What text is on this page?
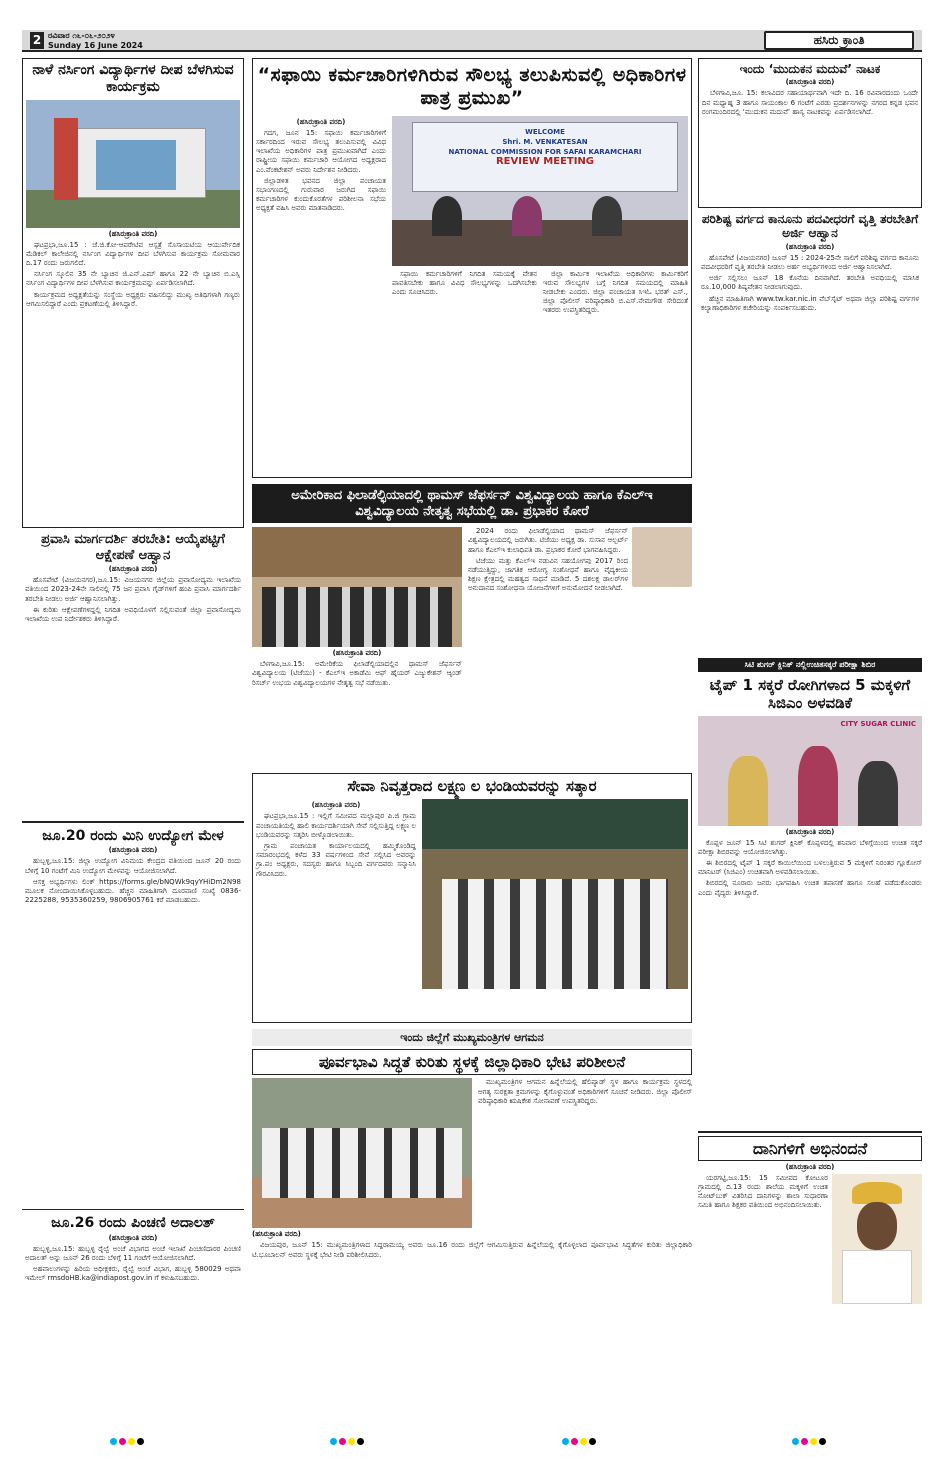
2 ರವಿವಾರ ೧೬-೦೬-೨೦೨೪
Sunday 16 June 2024	ಹಸಿರು ಕ್ರಾಂತಿ
ನಾಳೆ ನರ್ಸಿಂಗ ವಿದ್ಯಾರ್ಥಿಗಳ ದೀಪ ಬೆಳಗಿಸುವ ಕಾರ್ಯಕ್ರಮ
(ಹಸಿರುಕ್ರಾಂತಿ ವರದಿ)

ಘಟಪ್ರಭಾ,ಜೂ.15 : ಜೆ.ಜಿ.ಕೋ-ಆಪರೇಟಿವ ಆಸ್ಪತ್ರೆ ಸೊಸಾಯಟಿಯ ಆಯುರ್ವೇದಿಕ ಮೆಡಿಕಲ್ ಕಾಲೇಜಿನಲ್ಲಿ ನರ್ಸಿಂಗ ವಿದ್ಯಾರ್ಥಿಗಳ ದೀಪ ಬೆಳಗಿಸುವ ಕಾರ್ಯಕ್ರಮ ಸೋಮವಾರ ದಿ.17 ರಂದು ಜರುಗಲಿದೆ.

ನರ್ಸಿಂಗ ಸ್ಕೂಲಿನ 35 ನೇ ಬ್ಯಾಚಿನ ಜಿ.ಎನ್.ಎಮ್ ಹಾಗೂ 22 ನೇ ಬ್ಯಾಚಿನ ಬಿ.ಎಸ್ಸಿ ನರ್ಸಿಂಗ ವಿದ್ಯಾರ್ಥಿಗಳ ದೀಪ ಬೆಳಗಿಸುವ ಕಾರ್ಯಕ್ರಮವನ್ನು ಏರ್ಪಡಿಸಲಾಗಿದೆ.

ಕಾರ್ಯಕ್ರಮದ ಅಧ್ಯಕ್ಷತೆಯನ್ನು ಸಂಸ್ಥೆಯ ಅಧ್ಯಕ್ಷರು ವಹಿಸಲಿದ್ದು ಮುಖ್ಯ ಅತಿಥಿಗಳಾಗಿ ಗಣ್ಯರು ಆಗಮಿಸಲಿದ್ದಾರೆ ಎಂದು ಪ್ರಕಟಣೆಯಲ್ಲಿ ತಿಳಿಸಿದ್ದಾರೆ.

ಪ್ರವಾಸಿ ಮಾರ್ಗದರ್ಶಿ ತರಬೇತಿ: ಆಯ್ಕೆಪಟ್ಟಿಗೆ ಆಕ್ಷೇಪಣೆ ಆಹ್ವಾನ
(ಹಸಿರುಕ್ರಾಂತಿ ವರದಿ)

ಹೊಸಪೇಟೆ (ವಿಜಯನಗರ),ಜೂ.15: ವಿಜಯನಗರ ಜಿಲ್ಲೆಯ ಪ್ರವಾಸೋದ್ಯಮ ಇಲಾಖೆಯ ವತಿಯಿಂದ 2023-24ನೇ ಸಾಲಿನಲ್ಲಿ 75 ಜನ ಪ್ರವಾಸಿ ಗೈಡ್‌ಗಳಿಗೆ ಹಂಪಿ ಪ್ರವಾಸಿ ಮಾರ್ಗದರ್ಶಿ ತರಬೇತಿ ನೀಡಲು ಅರ್ಜಿ ಆಹ್ವಾನಿಸಲಾಗಿತ್ತು.

ಈ ಕುರಿತು ಆಕ್ಷೇಪಣೆಗಳಿದ್ದಲ್ಲಿ ನಿಗದಿತ ಅವಧಿಯೊಳಗೆ ಸಲ್ಲಿಸುವಂತೆ ಜಿಲ್ಲಾ ಪ್ರವಾಸೋದ್ಯಮ ಇಲಾಖೆಯ ಉಪ ನಿರ್ದೇಶಕರು ತಿಳಿಸಿದ್ದಾರೆ.

ಜೂ.20 ರಂದು ಮಿನಿ ಉದ್ಯೋಗ ಮೇಳ
(ಹಸಿರುಕ್ರಾಂತಿ ವರದಿ)

ಹುಬ್ಬಳ್ಳಿ,ಜೂ.15: ಜಿಲ್ಲಾ ಉದ್ಯೋಗ ವಿನಿಮಯ ಕೇಂದ್ರದ ವತಿಯಿಂದ ಜೂನ್ 20 ರಂದು ಬೆಳಿಗ್ಗೆ 10 ಗಂಟೆಗೆ ಮಿನಿ ಉದ್ಯೋಗ ಮೇಳವನ್ನು ಆಯೋಜಿಸಲಾಗಿದೆ.

ಆಸಕ್ತ ಅಭ್ಯರ್ಥಿಗಳು ಲಿಂಕ್ https://forms.gle/bNQWk9qyYHiDm2N98 ಮೂಲಕ ನೋಂದಾಯಿಸಿಕೊಳ್ಳಬಹುದು. ಹೆಚ್ಚಿನ ಮಾಹಿತಿಗಾಗಿ ದೂರವಾಣಿ ಸಂಖ್ಯೆ 0836-2225288, 9535360259, 9806905761 ಕರೆ ಮಾಡಬಹುದು.

ಜೂ.26 ರಂದು ಪಿಂಚಣಿ ಅದಾಲತ್
(ಹಸಿರುಕ್ರಾಂತಿ ವರದಿ)

ಹುಬ್ಬಳ್ಳಿ,ಜೂ.15: ಹುಬ್ಬಳ್ಳಿ ರೈಲ್ವೆ ಅಂಚೆ ವಿಭಾಗದ ಅಂಚೆ ಇಲಾಖೆ ಪಿಂಚಣಿದಾರರ ಪಿಂಚಣಿ ಅದಾಲತ್ ಅನ್ನು ಜೂನ್ 26 ರಂದು ಬೆಳಿಗ್ಗೆ 11 ಗಂಟೆಗೆ ಆಯೋಜಿಸಲಾಗಿದೆ.

ಅಹವಾಲುಗಳನ್ನು ಹಿರಿಯ ಅಧೀಕ್ಷಕರು, ರೈಲ್ವೆ ಅಂಚೆ ವಿಭಾಗ, ಹುಬ್ಬಳ್ಳಿ 580029 ಅಥವಾ ಇಮೇಲ್ rmsdoHB.ka@indiapost.gov.in ಗೆ ಕಳುಹಿಸಬಹುದು.

“ಸಫಾಯಿ ಕರ್ಮಚಾರಿಗಳಿಗಿರುವ ಸೌಲಭ್ಯ ತಲುಪಿಸುವಲ್ಲಿ ಅಧಿಕಾರಿಗಳ ಪಾತ್ರ ಪ್ರಮುಖ”
(ಹಸಿರುಕ್ರಾಂತಿ ವರದಿ)

ಗದಗ, ಜೂನ 15: ಸಫಾಯಿ ಕರ್ಮಚಾರಿಗಳಿಗೆ ಸರ್ಕಾರದಿಂದ ಇರುವ ಸೌಲಭ್ಯ ತಲುಪಿಸುವಲ್ಲಿ ವಿವಿಧ ಇಲಾಖೆಯ ಅಧಿಕಾರಿಗಳ ಪಾತ್ರ ಪ್ರಮುಖವಾಗಿದೆ ಎಂದು ರಾಷ್ಟ್ರೀಯ ಸಫಾಯಿ ಕರ್ಮಚಾರಿ ಆಯೋಗದ ಅಧ್ಯಕ್ಷರಾದ ಎಂ.ವೆಂಕಟೇಶನ್ ಅವರು ನಿರ್ದೇಶನ ನೀಡಿದರು.

ಜಿಲ್ಲಾಡಳಿತ ಭವನದ ಜಿಲ್ಲಾ ಪಂಚಾಯತ ಸಭಾಂಗಣದಲ್ಲಿ ಗುರುವಾರ ಜರುಗಿದ ಸಫಾಯಿ ಕರ್ಮಚಾರಿಗಳ ಕುಂದುಕೊರತೆಗಳ ಪರಿಶೀಲನಾ ಸಭೆಯ ಅಧ್ಯಕ್ಷತೆ ವಹಿಸಿ ಅವರು ಮಾತನಾಡಿದರು.

WELCOME
Shri. M. VENKATESAN
NATIONAL COMMISSION FOR SAFAI KARAMCHARI
REVIEW MEETING

ಸಫಾಯಿ ಕರ್ಮಚಾರಿಗಳಿಗೆ ನಿಗದಿತ ಸಮಯಕ್ಕೆ ವೇತನ ಪಾವತಿಸಬೇಕು ಹಾಗೂ ವಿವಿಧ ಸೌಲಭ್ಯಗಳನ್ನು ಒದಗಿಸಬೇಕು ಎಂದು ಸೂಚಿಸಿದರು.

ಜಿಲ್ಲಾ ಕಾರ್ಮಿಕ ಇಲಾಖೆಯ ಅಧಿಕಾರಿಗಳು ಕಾರ್ಮಿಕರಿಗೆ ಇರುವ ಸೌಲಭ್ಯಗಳ ಬಗ್ಗೆ ನಿಗದಿತ ಸಮಯದಲ್ಲಿ ಮಾಹಿತಿ ನೀಡಬೇಕು ಎಂದರು. ಜಿಲ್ಲಾ ಪಂಚಾಯತ ಸಿಇಓ ಭರತ್ ಎಸ್., ಜಿಲ್ಲಾ ಪೊಲೀಸ್ ವರಿಷ್ಠಾಧಿಕಾರಿ ಬಿ.ಎಸ್.ನೇಮಗೌಡ ಸೇರಿದಂತೆ ಇತರರು ಉಪಸ್ಥಿತರಿದ್ದರು.

ಅಮೇರಿಕಾದ ಫಿಲಾಡೆಲ್ಫಿಯಾದಲ್ಲಿ ಥಾಮಸ್ ಜೆಫರ್ಸನ್ ವಿಶ್ವವಿದ್ಯಾಲಯ ಹಾಗೂ ಕೆಎಲ್‌ಇ ವಿಶ್ವವಿದ್ಯಾಲಯ ನೇತೃತ್ವ ಸಭೆಯಲ್ಲಿ ಡಾ. ಪ್ರಭಾಕರ ಕೋರೆ
(ಹಸಿರುಕ್ರಾಂತಿ ವರದಿ)

ಬೆಳಗಾವಿ,ಜೂ.15: ಅಮೇರಿಕೆಯ ಫಿಲಾಡೆಲ್ಫಿಯಾದಲ್ಲಿನ ಥಾಮಸ್ ಜೆಫರ್ಸನ್ ವಿಶ್ವವಿದ್ಯಾಲಯ (ಟಿಜೆಯು) - ಕೆಎಲ್‌ಇ ಅಕಾಡೆಮಿ ಆಫ್ ಹೈಯರ್ ಎಜ್ಯುಕೇಶನ್ ಆ್ಯಂಡ್ ರಿಸರ್ಚ್ ಉಭಯ ವಿಶ್ವವಿದ್ಯಾಲಯಗಳ ನೇತೃತ್ವ ಸಭೆ ನಡೆಯಿತು.

2024 ರಂದು ಫಿಲಾಡೆಲ್ಫಿಯಾದ ಥಾಮಸ್ ಜೆಫರ್ಸನ್ ವಿಶ್ವವಿದ್ಯಾಲಯದಲ್ಲಿ ಜರುಗಿತು. ಟಿಜೆಯು ಅಧ್ಯಕ್ಷ ಡಾ. ಸುಸಾನ ಆಲ್ಬರ್ಟ್ ಹಾಗೂ ಕೆಎಲ್‌ಇ ಕುಲಾಧಿಪತಿ ಡಾ. ಪ್ರಭಾಕರ ಕೋರೆ ಭಾಗವಹಿಸಿದ್ದರು.

ಟಿಜೆಯು ಮತ್ತು ಕೆಎಲ್‌ಇ ನಡುವಿನ ಸಹಯೋಗವು 2017 ರಿಂದ ನಡೆಯುತ್ತಿದ್ದು, ಜಾಗತಿಕ ಆರೋಗ್ಯ ಸಂಶೋಧನೆ ಹಾಗೂ ವೈದ್ಯಕೀಯ ಶಿಕ್ಷಣ ಕ್ಷೇತ್ರದಲ್ಲಿ ಮಹತ್ವದ ಸಾಧನೆ ಮಾಡಿದೆ. 5 ದಶಲಕ್ಷ ಡಾಲರ್‌ಗಳ ಅನುದಾನದ ಸಂಶೋಧನಾ ಯೋಜನೆಗಳಿಗೆ ಅನುಮೋದನೆ ನೀಡಲಾಗಿದೆ.

ಸೇವಾ ನಿವೃತ್ತರಾದ ಲಕ್ಷ್ಮಣ ಲ ಭಂಡಿಯವರನ್ನು ಸತ್ಕಾರ
(ಹಸಿರುಕ್ರಾಂತಿ ವರದಿ)

ಘಟಪ್ರಭಾ,ಜೂ.15 : ಇಲ್ಲಿಗೆ ಸಮೀಪದ ಮಲ್ಲಾಪುರ ಪಿ.ಜಿ ಗ್ರಾಮ ಪಂಚಾಯತಿಯಲ್ಲಿ ಹಾಲಿ ಕಾರ್ಯದರ್ಶಿಯಾಗಿ ಸೇವೆ ಸಲ್ಲಿಸುತ್ತಿದ್ದ ಲಕ್ಷ್ಮಣ ಲ ಭಂಡಿಯವರನ್ನು ಸತ್ಕರಿಸಿ ಬೀಳ್ಕೊಡಲಾಯಿತು.

ಗ್ರಾಮ ಪಂಚಾಯತ ಕಾರ್ಯಾಲಯದಲ್ಲಿ ಹಮ್ಮಿಕೊಂಡಿದ್ದ ಸಮಾರಂಭದಲ್ಲಿ ಕಳೆದ 33 ವರ್ಷಗಳಿಂದ ಸೇವೆ ಸಲ್ಲಿಸಿದ ಅವರನ್ನು ಗ್ರಾ.ಪಂ ಅಧ್ಯಕ್ಷರು, ಸದಸ್ಯರು ಹಾಗೂ ಸಿಬ್ಬಂದಿ ವರ್ಗದವರು ಸನ್ಮಾನಿಸಿ ಗೌರವಿಸಿದರು.

ಇಂದು ಜಿಲ್ಲೆಗೆ ಮುಖ್ಯಮಂತ್ರಿಗಳ ಆಗಮನ
ಪೂರ್ವಭಾವಿ ಸಿದ್ಧತೆ ಕುರಿತು ಸ್ಥಳಕ್ಕೆ ಜಿಲ್ಲಾಧಿಕಾರಿ ಭೇಟಿ ಪರಿಶೀಲನೆ

ಮುಖ್ಯಮಂತ್ರಿಗಳ ಆಗಮನ ಹಿನ್ನೆಲೆಯಲ್ಲಿ ಹೆಲಿಪ್ಯಾಡ್ ಸ್ಥಳ ಹಾಗೂ ಕಾರ್ಯಕ್ರಮ ಸ್ಥಳದಲ್ಲಿ ಅಗತ್ಯ ಸುರಕ್ಷತಾ ಕ್ರಮಗಳನ್ನು ಕೈಗೊಳ್ಳುವಂತೆ ಅಧಿಕಾರಿಗಳಿಗೆ ಸೂಚನೆ ನೀಡಿದರು. ಜಿಲ್ಲಾ ಪೊಲೀಸ್ ವರಿಷ್ಠಾಧಿಕಾರಿ ಋಷಿಕೇಶ ಸೋನಾವಣೆ ಉಪಸ್ಥಿತರಿದ್ದರು.

(ಹಸಿರುಕ್ರಾಂತಿ ವರದಿ)

ವಿಜಯಪುರ, ಜೂನ್ 15: ಮುಖ್ಯಮಂತ್ರಿಗಳಾದ ಸಿದ್ದರಾಮಯ್ಯ ಅವರು ಜೂ.16 ರಂದು ಜಿಲ್ಲೆಗೆ ಆಗಮಿಸುತ್ತಿರುವ ಹಿನ್ನೆಲೆಯಲ್ಲಿ ಕೈಗೊಳ್ಳಲಾದ ಪೂರ್ವಭಾವಿ ಸಿದ್ಧತೆಗಳ ಕುರಿತು ಜಿಲ್ಲಾಧಿಕಾರಿ ಟಿ.ಭೂಬಾಲನ್ ಅವರು ಸ್ಥಳಕ್ಕೆ ಭೇಟಿ ನೀಡಿ ಪರಿಶೀಲಿಸಿದರು.

ಇಂದು ‘ಮುದುಕನ ಮದುವೆ’ ನಾಟಕ
(ಹಸಿರುಕ್ರಾಂತಿ ವರದಿ)

ಬೆಳಗಾವಿ,ಜೂ. 15: ಕಲಾವಿದರ ಸಹಾಯಾರ್ಥವಾಗಿ ಇದೇ ದಿ. 16 ರವಿವಾರದಂದು ಒಂದೇ ದಿನ ಮಧ್ಯಾಹ್ನ 3 ಹಾಗೂ ಸಾಯಂಕಾಲ 6 ಗಂಟೆಗೆ ಎರಡು ಪ್ರದರ್ಶನಗಳನ್ನು ನಗರದ ಕನ್ನಡ ಭವನ ರಂಗಮಂದಿರದಲ್ಲಿ ‘ಮುದುಕನ ಮದುವೆ’ ಹಾಸ್ಯ ನಾಟಕವನ್ನು ಏರ್ಪಡಿಸಲಾಗಿದೆ.

ಪರಿಶಿಷ್ಟ ವರ್ಗದ ಕಾನೂನು ಪದವೀಧರಗೆ ವೃತ್ತಿ ತರಬೇತಿಗೆ ಅರ್ಜಿ ಆಹ್ವಾನ
(ಹಸಿರುಕ್ರಾಂತಿ ವರದಿ)

ಹೊಸಪೇಟೆ (ವಿಜಯನಗರ) ಜೂನ್ 15 : 2024-25ನೇ ಸಾಲಿಗೆ ಪರಿಶಿಷ್ಟ ವರ್ಗದ ಕಾನೂನು ಪದವೀಧರರಿಗೆ ವೃತ್ತಿ ತರಬೇತಿ ನೀಡಲು ಅರ್ಹ ಅಭ್ಯರ್ಥಿಗಳಿಂದ ಅರ್ಜಿ ಆಹ್ವಾನಿಸಲಾಗಿದೆ.

ಅರ್ಜಿ ಸಲ್ಲಿಸಲು ಜೂನ್ 18 ಕೊನೆಯ ದಿನವಾಗಿದೆ. ತರಬೇತಿ ಅವಧಿಯಲ್ಲಿ ಮಾಸಿಕ ರೂ.10,000 ಶಿಷ್ಯವೇತನ ನೀಡಲಾಗುವುದು.

ಹೆಚ್ಚಿನ ಮಾಹಿತಿಗಾಗಿ www.tw.kar.nic.in ವೆಬ್‌ಸೈಟ್ ಅಥವಾ ಜಿಲ್ಲಾ ಪರಿಶಿಷ್ಟ ವರ್ಗಗಳ ಕಲ್ಯಾಣಾಧಿಕಾರಿಗಳ ಕಚೇರಿಯನ್ನು ಸಂಪರ್ಕಿಸಬಹುದು.

ಸಿಟಿ ಶುಗರ್ ಕ್ಲಿನಿಕ್ ನಲ್ಲಿಉಚಿತಸಕ್ಕರೆ ಪರೀಕ್ಷಾ ಶಿಬಿರ
ಟೈಪ್ 1 ಸಕ್ಕರೆ ರೋಗಿಗಳಾದ 5 ಮಕ್ಕಳಿಗೆ ಸಿಜಿಎಂ ಅಳವಡಿಕೆ
CITY SUGAR CLINIC
(ಹಸಿರುಕ್ರಾಂತಿ ವರದಿ)

ಕೊಪ್ಪಳ ಜೂನ್ 15 ಸಿಟಿ ಶುಗರ್ ಕ್ಲಿನಿಕ್ ಕೊಪ್ಪಳದಲ್ಲಿ ಶನಿವಾರ ಬೆಳಿಗ್ಗೆಯಿಂದ ಉಚಿತ ಸಕ್ಕರೆ ಪರೀಕ್ಷಾ ಶಿಬಿರವನ್ನು ಆಯೋಜಿಸಲಾಗಿತ್ತು.

ಈ ಶಿಬಿರದಲ್ಲಿ ಟೈಪ್ 1 ಸಕ್ಕರೆ ಕಾಯಿಲೆಯಿಂದ ಬಳಲುತ್ತಿರುವ 5 ಮಕ್ಕಳಿಗೆ ನಿರಂತರ ಗ್ಲೂಕೋಸ್ ಮಾನಿಟರ್ (ಸಿಜಿಎಂ) ಉಚಿತವಾಗಿ ಅಳವಡಿಸಲಾಯಿತು.

ಶಿಬಿರದಲ್ಲಿ ನೂರಾರು ಜನರು ಭಾಗವಹಿಸಿ ಉಚಿತ ತಪಾಸಣೆ ಹಾಗೂ ಸಲಹೆ ಪಡೆದುಕೊಂಡರು ಎಂದು ವೈದ್ಯರು ತಿಳಿಸಿದ್ದಾರೆ.

ದಾನಿಗಳಿಗೆ ಅಭಿನಂದನೆ
(ಹಸಿರುಕ್ರಾಂತಿ ವರದಿ)

ಯರಗಟ್ಟಿ,ಜೂ.15: 15 ಸಮೀಪದ ಕೋಟೂರ ಗ್ರಾಮದಲ್ಲಿ ದಿ.13 ರಂದು ಶಾಲೆಯ ಮಕ್ಕಳಿಗೆ ಉಚಿತ ನೋಟ್‌ಬುಕ್ ವಿತರಿಸಿದ ದಾನಿಗಳನ್ನು ಶಾಲಾ ಸುಧಾರಣಾ ಸಮಿತಿ ಹಾಗೂ ಶಿಕ್ಷಕರ ವತಿಯಿಂದ ಅಭಿನಂದಿಸಲಾಯಿತು.
